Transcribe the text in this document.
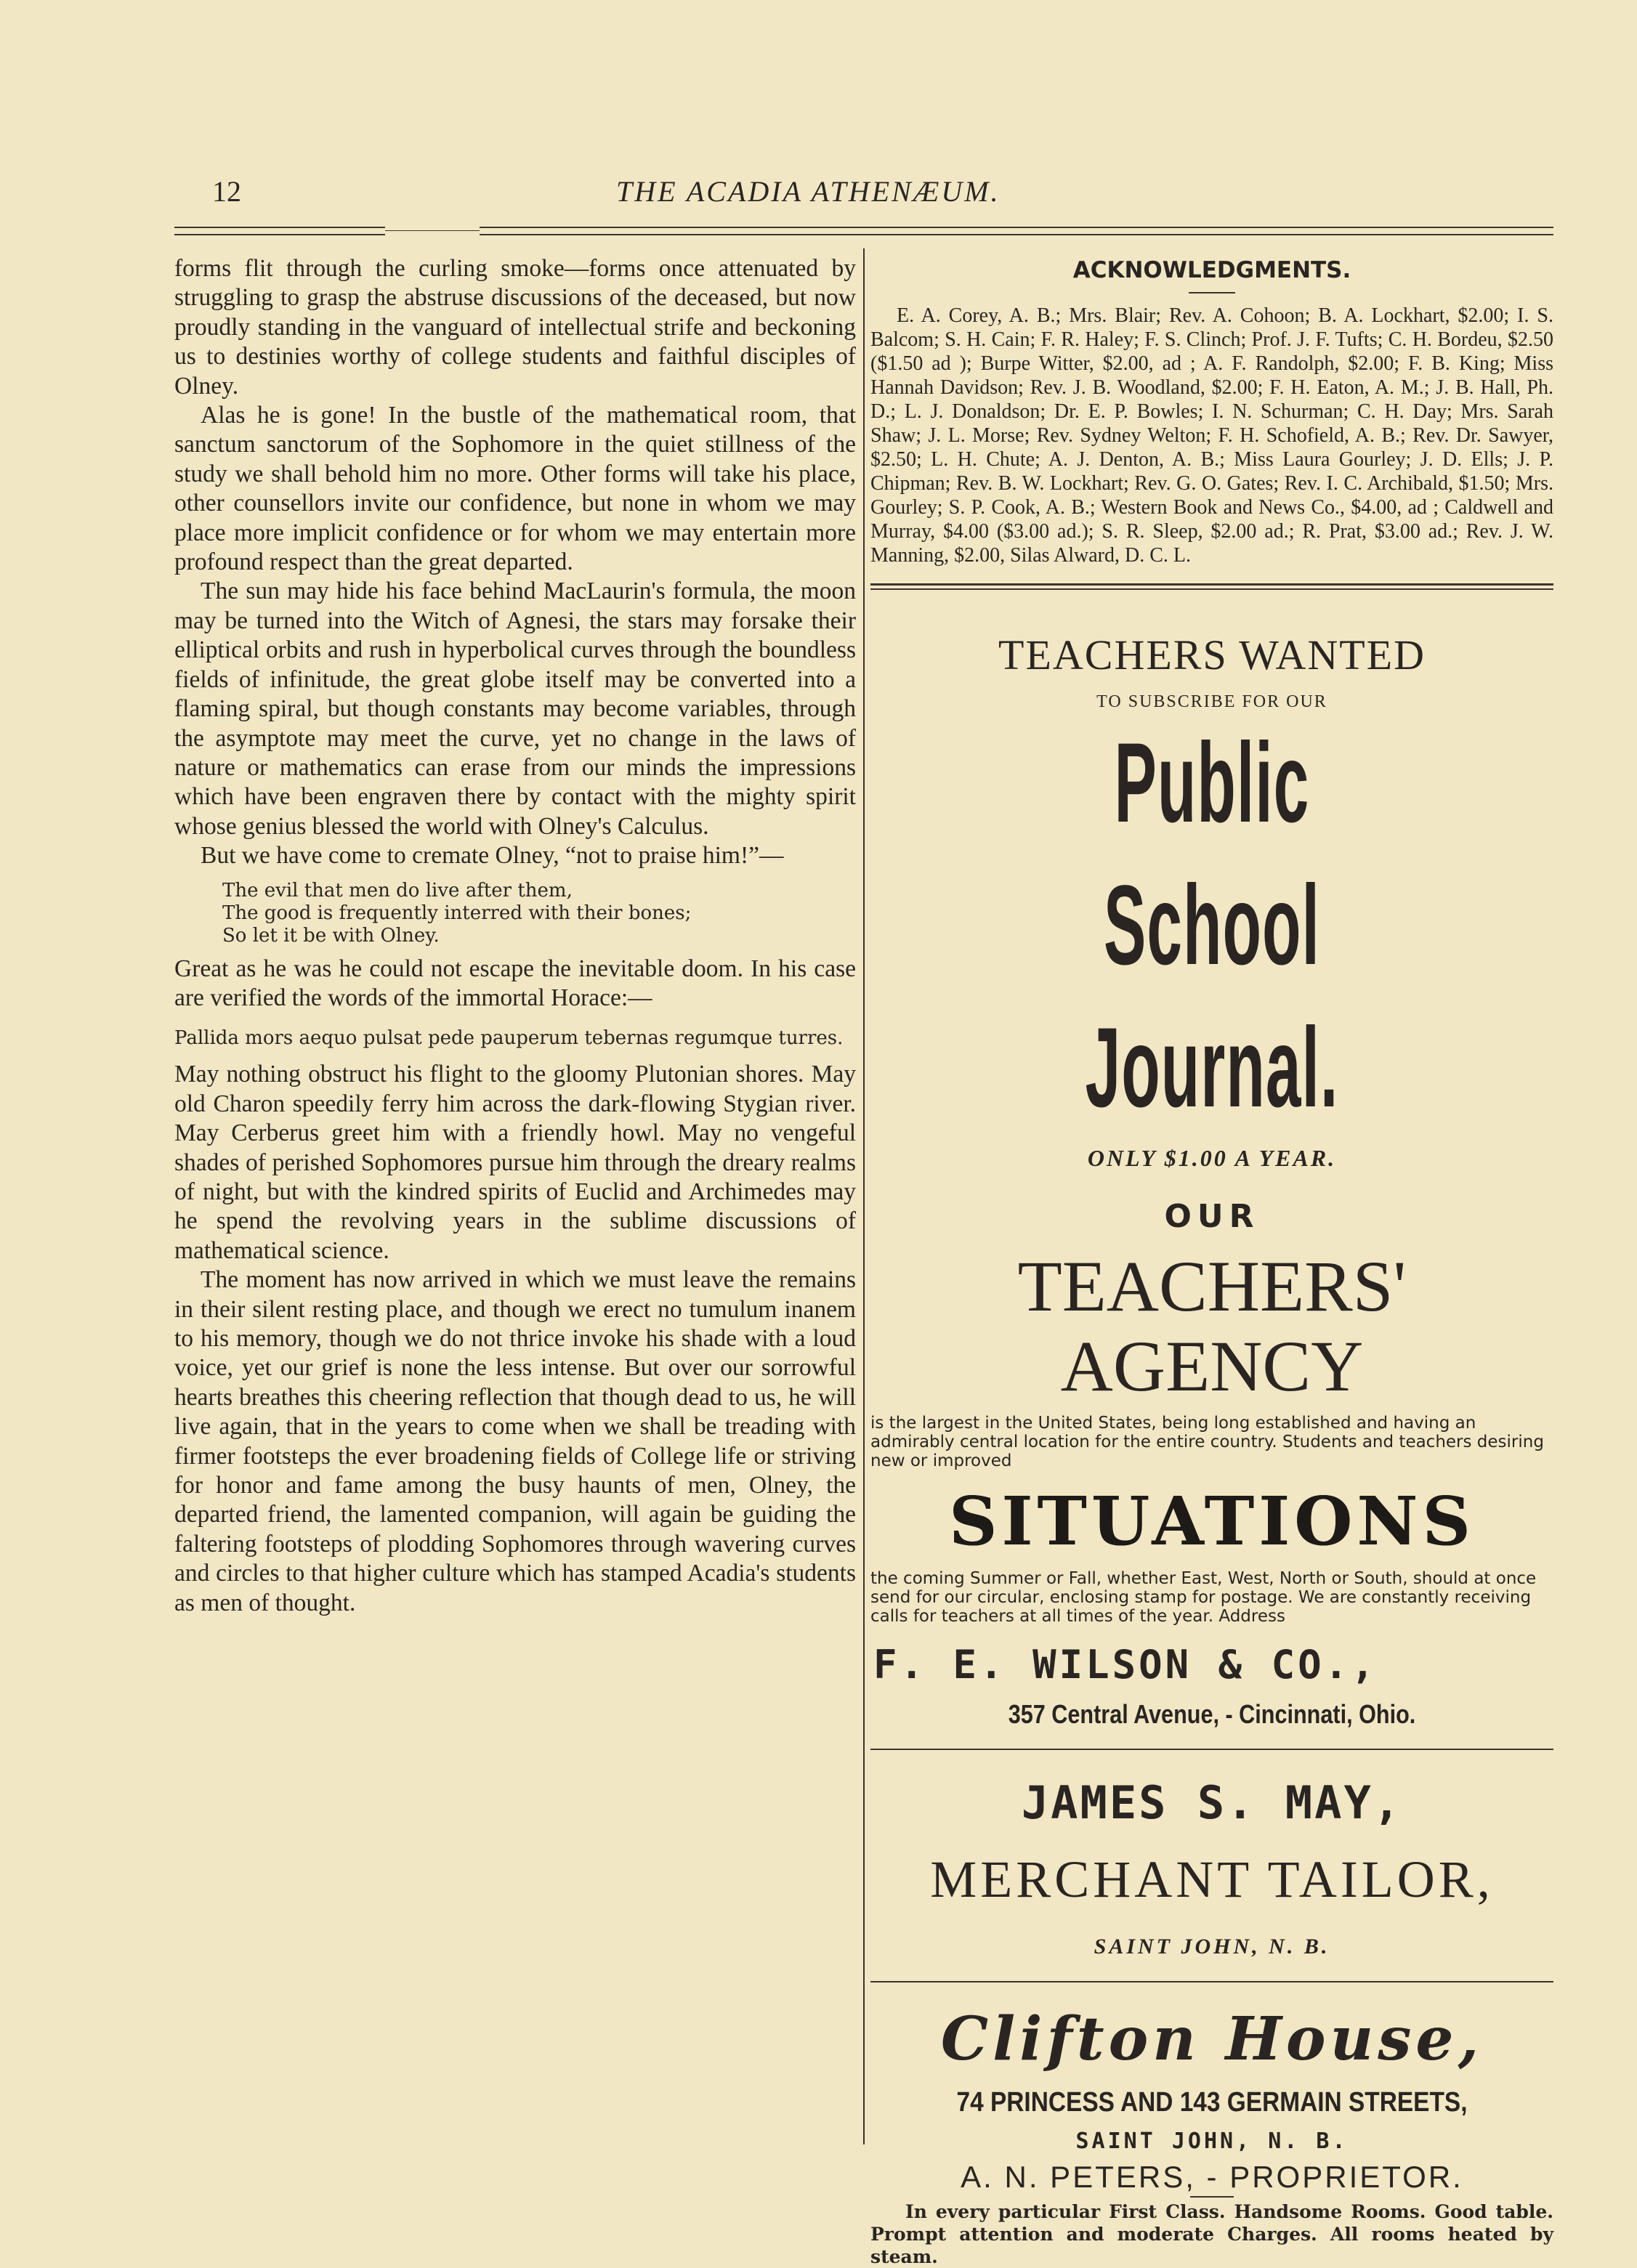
12	THE ACADIA ATHENÆUM.

forms flit through the curling smoke—forms once attenuated by struggling to grasp the abstruse discussions of the deceased, but now proudly standing in the vanguard of intellectual strife and beckoning us to destinies worthy of college students and faithful disciples of Olney.

Alas he is gone! In the bustle of the mathematical room, that sanctum sanctorum of the Sophomore in the quiet stillness of the study we shall behold him no more. Other forms will take his place, other counsellors invite our confidence, but none in whom we may place more implicit confidence or for whom we may entertain more profound respect than the great departed.

The sun may hide his face behind MacLaurin's formula, the moon may be turned into the Witch of Agnesi, the stars may forsake their elliptical orbits and rush in hyperbolical curves through the boundless fields of infinitude, the great globe itself may be converted into a flaming spiral, but though constants may become variables, through the asymptote may meet the curve, yet no change in the laws of nature or mathematics can erase from our minds the impressions which have been engraven there by contact with the mighty spirit whose genius blessed the world with Olney's Calculus.

But we have come to cremate Olney, “not to praise him!”—

The evil that men do live after them,
The good is frequently interred with their bones;
So let it be with Olney.

Great as he was he could not escape the inevitable doom. In his case are verified the words of the immortal Horace:—

Pallida mors aequo pulsat pede pauperum tebernas regumque turres.

May nothing obstruct his flight to the gloomy Plutonian shores. May old Charon speedily ferry him across the dark-flowing Stygian river. May Cerberus greet him with a friendly howl. May no vengeful shades of perished Sophomores pursue him through the dreary realms of night, but with the kindred spirits of Euclid and Archimedes may he spend the revolving years in the sublime discussions of mathematical science.

The moment has now arrived in which we must leave the remains in their silent resting place, and though we erect no tumulum inanem to his memory, though we do not thrice invoke his shade with a loud voice, yet our grief is none the less intense. But over our sorrowful hearts breathes this cheering reflection that though dead to us, he will live again, that in the years to come when we shall be treading with firmer footsteps the ever broadening fields of College life or striving for honor and fame among the busy haunts of men, Olney, the departed friend, the lamented companion, will again be guiding the faltering footsteps of plodding Sophomores through wavering curves and circles to that higher culture which has stamped Acadia's students as men of thought.

ACKNOWLEDGMENTS.
E. A. Corey, A. B.; Mrs. Blair; Rev. A. Cohoon; B. A. Lockhart, $2.00; I. S. Balcom; S. H. Cain; F. R. Haley; F. S. Clinch; Prof. J. F. Tufts; C. H. Bordeu, $2.50 ($1.50 ad ); Burpe Witter, $2.00, ad ; A. F. Randolph, $2.00; F. B. King; Miss Hannah Davidson; Rev. J. B. Woodland, $2.00; F. H. Eaton, A. M.; J. B. Hall, Ph. D.; L. J. Donaldson; Dr. E. P. Bowles; I. N. Schurman; C. H. Day; Mrs. Sarah Shaw; J. L. Morse; Rev. Sydney Welton; F. H. Schofield, A. B.; Rev. Dr. Sawyer, $2.50; L. H. Chute; A. J. Denton, A. B.; Miss Laura Gourley; J. D. Ells; J. P. Chipman; Rev. B. W. Lockhart; Rev. G. O. Gates; Rev. I. C. Archibald, $1.50; Mrs. Gourley; S. P. Cook, A. B.; Western Book and News Co., $4.00, ad ; Caldwell and Murray, $4.00 ($3.00 ad.); S. R. Sleep, $2.00 ad.; R. Prat, $3.00 ad.; Rev. J. W. Manning, $2.00, Silas Alward, D. C. L.
TEACHERS WANTED
TO SUBSCRIBE FOR OUR
Public School Journal.
ONLY $1.00 A YEAR.
OUR
TEACHERS' AGENCY
is the largest in the United States, being long established and having an admirably central location for the entire country. Students and teachers desiring new or improved
SITUATIONS
the coming Summer or Fall, whether East, West, North or South, should at once send for our circular, enclosing stamp for postage. We are constantly receiving calls for teachers at all times of the year. Address
F. E. WILSON & CO.,
357 Central Avenue, - Cincinnati, Ohio.
JAMES S. MAY,
MERCHANT TAILOR,
SAINT JOHN, N. B.
Clifton House,
74 PRINCESS AND 143 GERMAIN STREETS,
SAINT JOHN, N. B.
A. N. PETERS, - PROPRIETOR.
In every particular First Class. Handsome Rooms. Good table. Prompt attention and moderate Charges. All rooms heated by steam.
